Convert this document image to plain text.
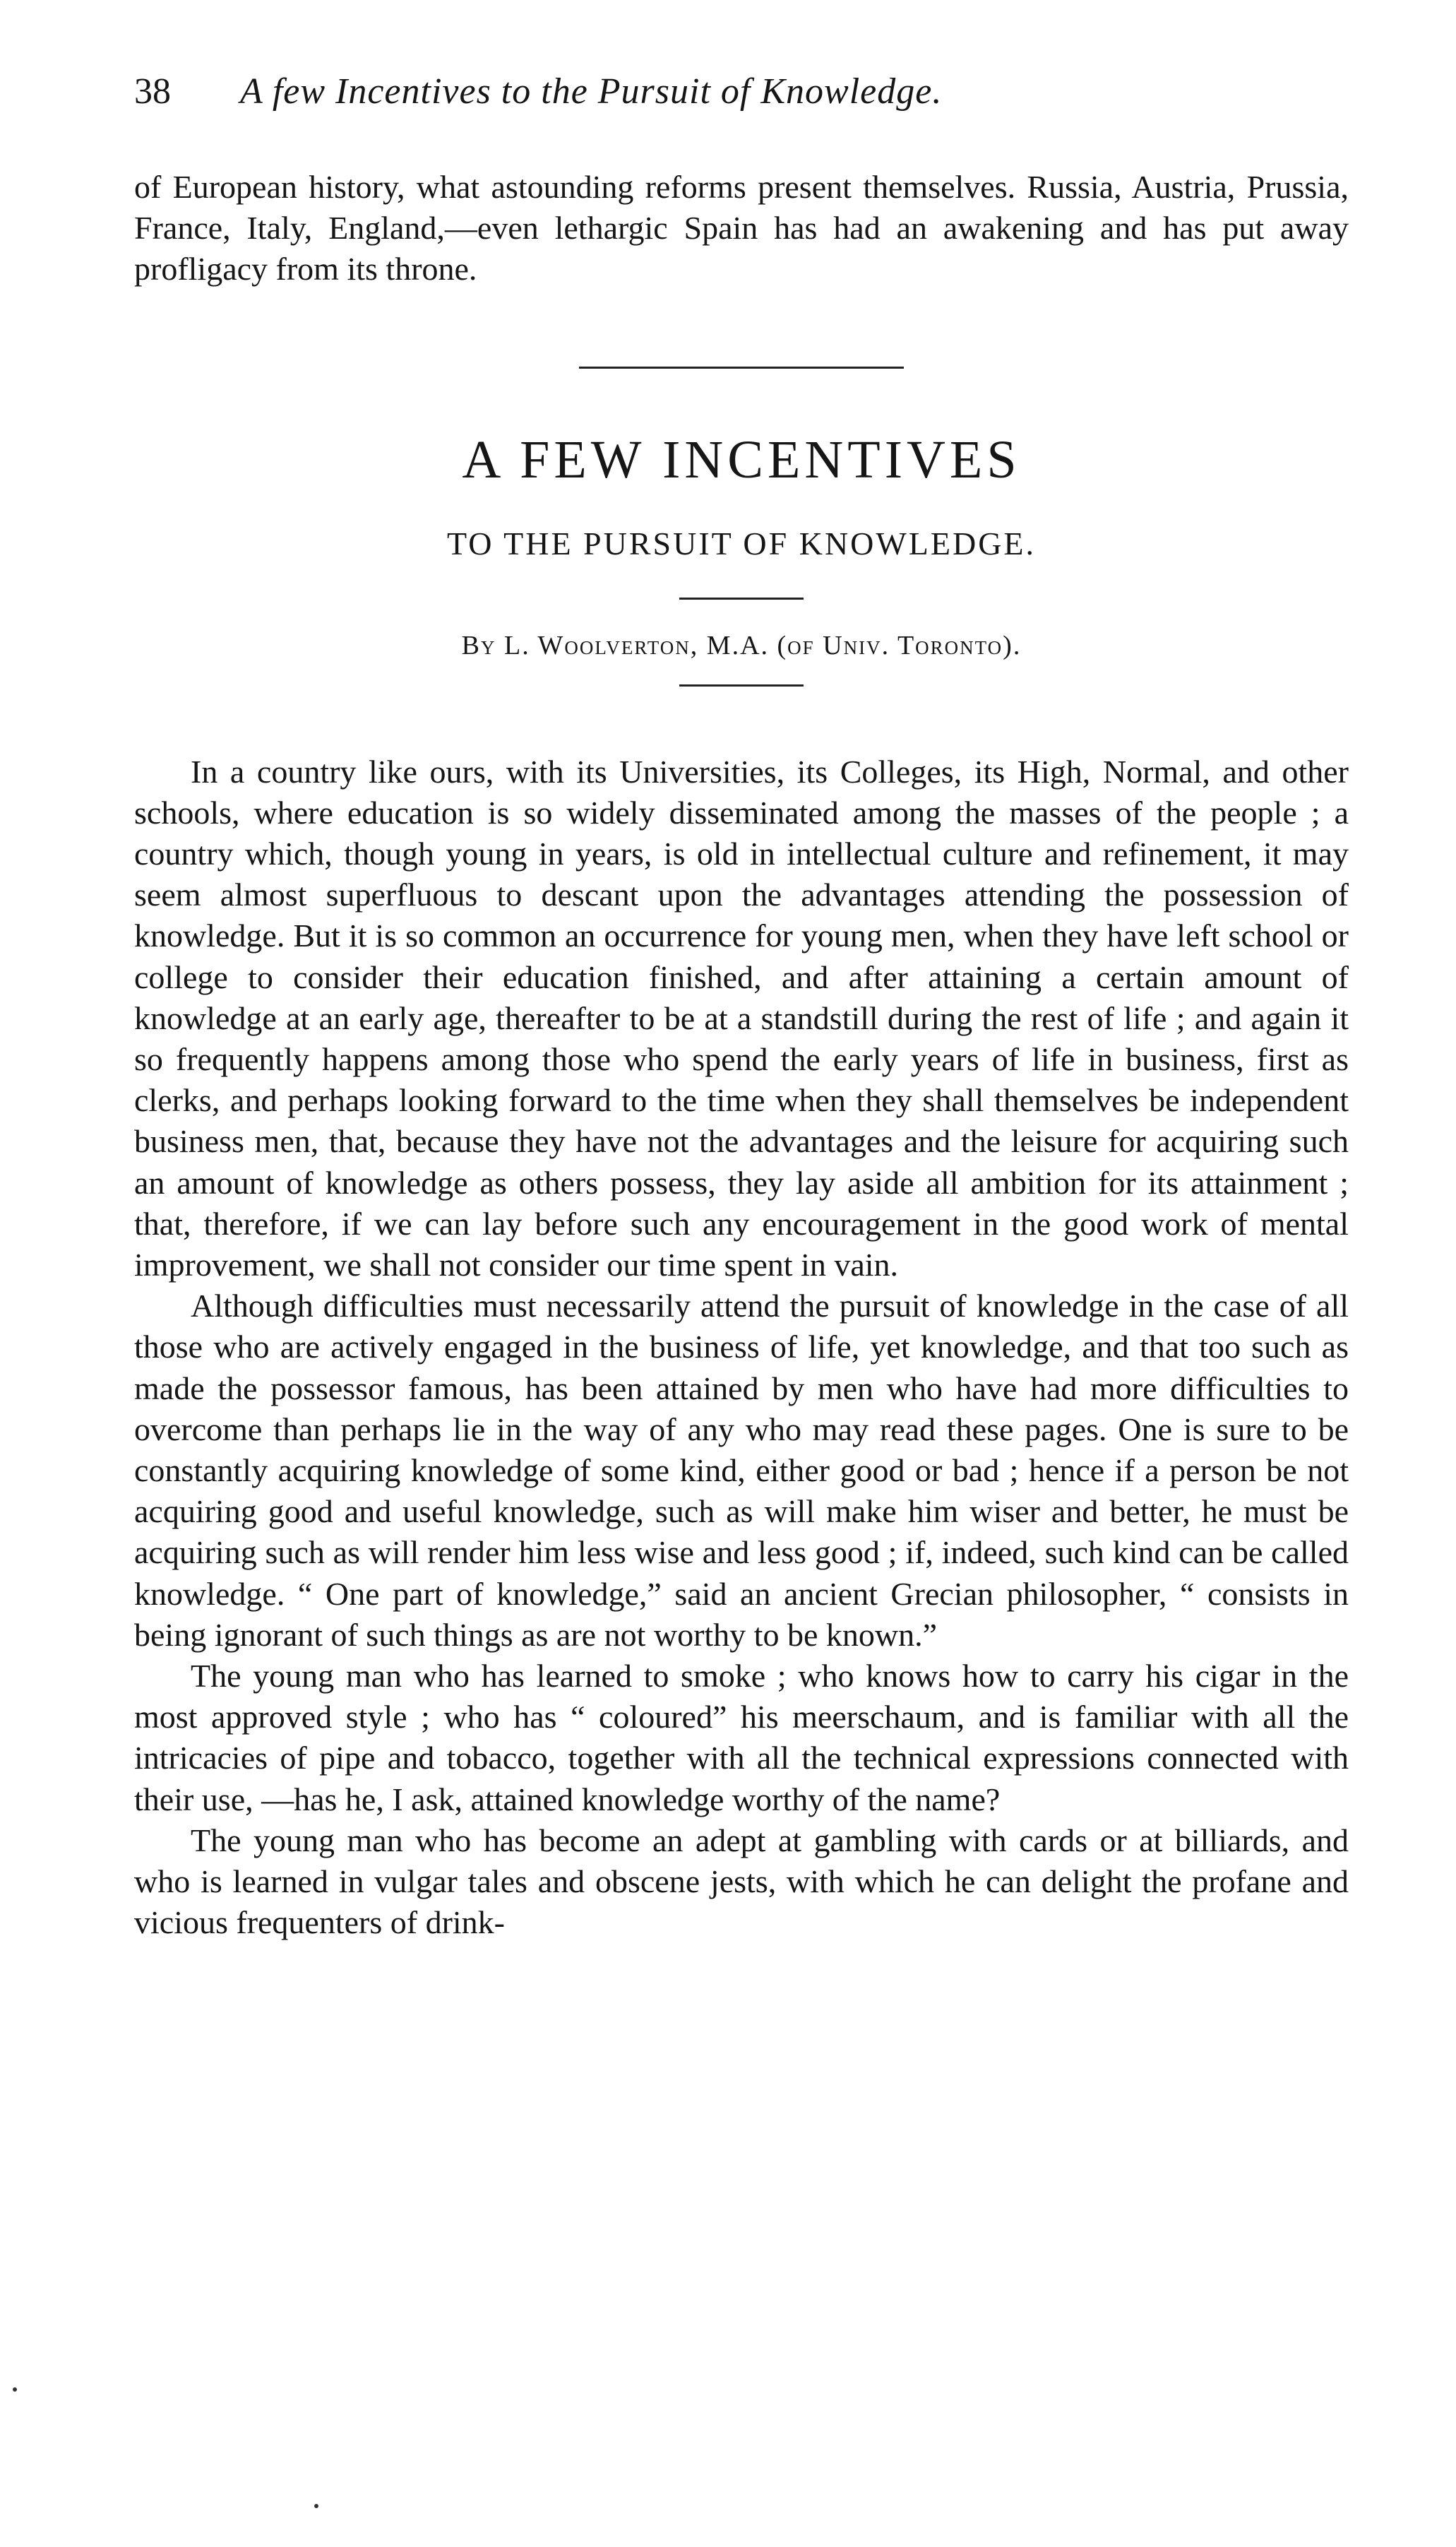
38	A few Incentives to the Pursuit of Knowledge.

of European history, what astounding reforms present themselves. Russia, Austria, Prussia, France, Italy, England,—even lethargic Spain has had an awakening and has put away profligacy from its throne.

A FEW INCENTIVES
TO THE PURSUIT OF KNOWLEDGE.

By L. Woolverton, M.A. (of Univ. Toronto).

In a country like ours, with its Universities, its Colleges, its High, Normal, and other schools, where education is so widely disseminated among the masses of the people ; a country which, though young in years, is old in intellectual culture and refinement, it may seem almost superfluous to descant upon the advantages attending the possession of knowledge. But it is so common an occurrence for young men, when they have left school or college to consider their education finished, and after attaining a certain amount of knowledge at an early age, thereafter to be at a standstill during the rest of life ; and again it so frequently happens among those who spend the early years of life in business, first as clerks, and perhaps looking forward to the time when they shall themselves be independent business men, that, because they have not the advantages and the leisure for acquiring such an amount of knowledge as others possess, they lay aside all ambition for its attainment ; that, therefore, if we can lay before such any encouragement in the good work of mental improvement, we shall not consider our time spent in vain.

Although difficulties must necessarily attend the pursuit of knowledge in the case of all those who are actively engaged in the business of life, yet knowledge, and that too such as made the possessor famous, has been attained by men who have had more difficulties to overcome than perhaps lie in the way of any who may read these pages. One is sure to be constantly acquiring knowledge of some kind, either good or bad ; hence if a person be not acquiring good and useful knowledge, such as will make him wiser and better, he must be acquiring such as will render him less wise and less good ; if, indeed, such kind can be called knowledge. “ One part of knowledge,” said an ancient Grecian philosopher, “ consists in being ignorant of such things as are not worthy to be known.”

The young man who has learned to smoke ; who knows how to carry his cigar in the most approved style ; who has “ coloured” his meerschaum, and is familiar with all the intricacies of pipe and tobacco, together with all the technical expressions connected with their use, —has he, I ask, attained knowledge worthy of the name?

The young man who has become an adept at gambling with cards or at billiards, and who is learned in vulgar tales and obscene jests, with which he can delight the profane and vicious frequenters of drink-
